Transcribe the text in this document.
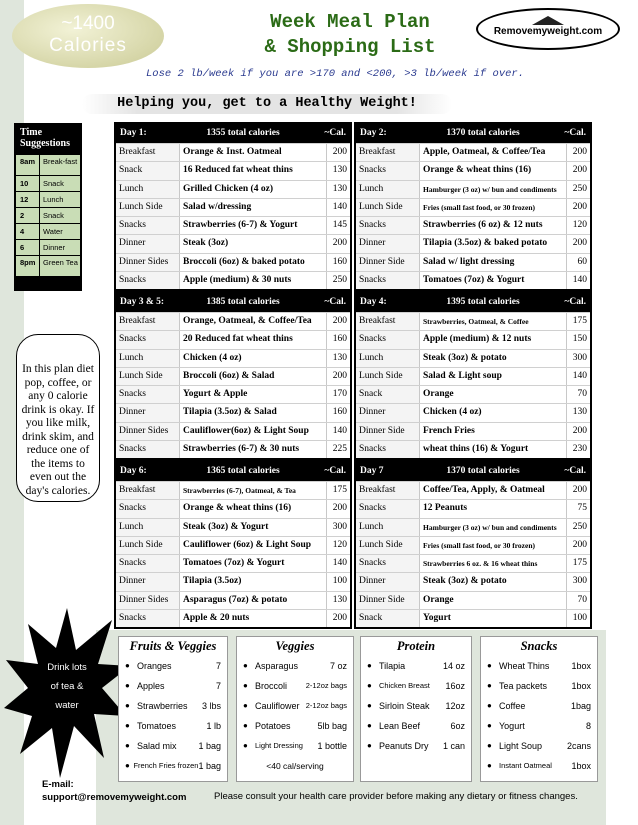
~1400
Calories
Week Meal Plan
& Shopping List
Removemyweight.com
Lose 2 lb/week if you are >170 and <200, >3 lb/week if over.
Helping you, get to a Healthy Weight!
Time
Suggestions
8am	Break-fast
10	Snack
12	Lunch
2	Snack
4	Water
6	Dinner
8pm	Green Tea
In this plan diet pop, coffee, or any 0 calorie drink is okay. If you like milk, drink skim, and reduce one of the items to even out the day's calories.
Day 1:	1355 total calories	~Cal.
Breakfast	Orange & Inst. Oatmeal	200
Snack	16 Reduced fat wheat thins	130
Lunch	Grilled Chicken (4 oz)	130
Lunch Side	Salad w/dressing	140
Snacks	Strawberries (6-7) & Yogurt	145
Dinner	Steak (3oz)	200
Dinner Sides	Broccoli (6oz) & baked potato	160
Snacks	Apple (medium) & 30 nuts	250
Day 2:	1370 total calories	~Cal.
Breakfast	Apple, Oatmeal, & Coffee/Tea	200
Snacks	Orange & wheat thins (16)	200
Lunch	Hamburger (3 oz) w/ bun and condiments	250
Lunch Side	Fries (small fast food, or 30 frozen)	200
Snacks	Strawberries (6 oz) & 12 nuts	120
Dinner	Tilapia (3.5oz) & baked potato	200
Dinner Side	Salad w/ light dressing	60
Snacks	Tomatoes (7oz) & Yogurt	140
Day 3 & 5:	1385 total calories	~Cal.
Breakfast	Orange, Oatmeal, & Coffee/Tea	200
Snacks	20 Reduced fat wheat thins	160
Lunch	Chicken (4 oz)	130
Lunch Side	Broccoli (6oz) & Salad	200
Snacks	Yogurt & Apple	170
Dinner	Tilapia (3.5oz) & Salad	160
Dinner Sides	Cauliflower(6oz) & Light Soup	140
Snacks	Strawberries (6-7) & 30 nuts	225
Day 4:	1395 total calories	~Cal.
Breakfast	Strawberries, Oatmeal, & Coffee	175
Snacks	Apple (medium) & 12 nuts	150
Lunch	Steak (3oz) & potato	300
Lunch Side	Salad & Light soup	140
Snack	Orange	70
Dinner	Chicken (4 oz)	130
Dinner Side	French Fries	200
Snacks	wheat thins (16) & Yogurt	230
Day 6:	1365 total calories	~Cal.
Breakfast	Strawberries (6-7), Oatmeal, & Tea	175
Snacks	Orange & wheat thins (16)	200
Lunch	Steak (3oz) & Yogurt	300
Lunch Side	Cauliflower (6oz) & Light Soup	120
Snacks	Tomatoes (7oz) & Yogurt	140
Dinner	Tilapia (3.5oz)	100
Dinner Sides	Asparagus (7oz) & potato	130
Snacks	Apple & 20 nuts	200
Day 7	1370 total calories	~Cal.
Breakfast	Coffee/Tea, Apply, & Oatmeal	200
Snacks	12 Peanuts	75
Lunch	Hamburger (3 oz) w/ bun and condiments	250
Lunch Side	Fries (small fast food, or 30 frozen)	200
Snacks	Strawberries 6 oz. & 16 wheat thins	175
Dinner	Steak (3oz) & potato	300
Dinner Side	Orange	70
Snack	Yogurt	100
Drink lots
of tea &
water
Fruits & Veggies
● Oranges	7
● Apples	7
● Strawberries	3 lbs
● Tomatoes	1 lb
● Salad mix	1 bag
● French Fries frozen 1 bag
Veggies
● Asparagus	7 oz
● Broccoli	2-12oz bags
● Cauliflower 2-12oz bags
● Potatoes	5lb bag
● Light Dressing	1 bottle
<40 cal/serving
Protein
● Tilapia	14 oz
● Chicken Breast	16oz
● Sirloin Steak	12oz
● Lean Beef	6oz
● Peanuts Dry	1 can
Snacks
● Wheat Thins	1box
● Tea packets	1box
● Coffee	1bag
● Yogurt	8
● Light Soup	2cans
● Instant Oatmeal	1box
E-mail:
support@removemyweight.com	Please consult your health care provider before making any dietary or fitness changes.
